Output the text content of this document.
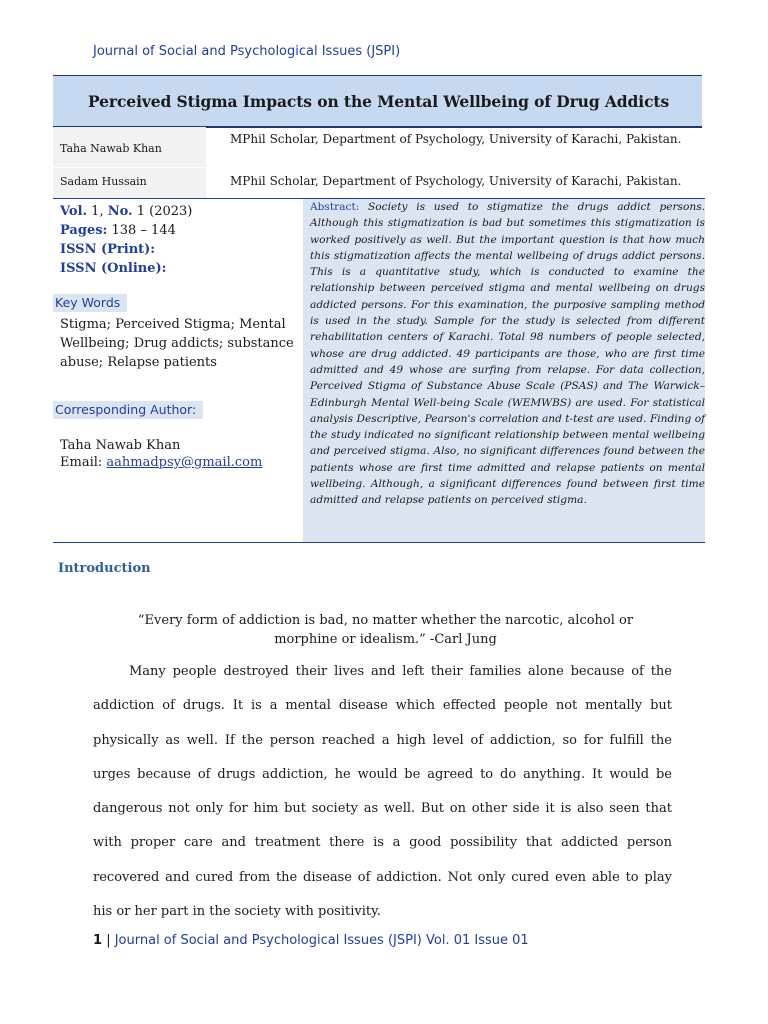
Journal of Social and Psychological Issues (JSPI)
Perceived Stigma Impacts on the Mental Wellbeing of Drug Addicts
Taha Nawab Khan
MPhil Scholar, Department of Psychology, University of Karachi, Pakistan.
Sadam Hussain	MPhil Scholar, Department of Psychology, University of Karachi, Pakistan.
Vol. 1, No. 1 (2023)
Pages: 138 – 144
ISSN (Print):
ISSN (Online):
Key Words
Stigma; Perceived Stigma; Mental Wellbeing; Drug addicts; substance abuse; Relapse patients
Corresponding Author:
Taha Nawab Khan
Email: aahmadpsy@gmail.com
Abstract: Society is used to stigmatize the drugs addict persons. Although this stigmatization is bad but sometimes this stigmatization is worked positively as well. But the important question is that how much this stigmatization affects the mental wellbeing of drugs addict persons. This is a quantitative study, which is conducted to examine the relationship between perceived stigma and mental wellbeing on drugs addicted persons. For this examination, the purposive sampling method is used in the study. Sample for the study is selected from different rehabilitation centers of Karachi. Total 98 numbers of people selected, whose are drug addicted. 49 participants are those, who are first time admitted and 49 whose are surfing from relapse. For data collection, Perceived Stigma of Substance Abuse Scale (PSAS) and The Warwick–Edinburgh Mental Well-being Scale (WEMWBS) are used. For statistical analysis Descriptive, Pearson's correlation and t-test are used. Finding of the study indicated no significant relationship between mental wellbeing and perceived stigma. Also, no significant differences found between the patients whose are first time admitted and relapse patients on mental wellbeing. Although, a significant differences found between first time admitted and relapse patients on perceived stigma.
Introduction
“Every form of addiction is bad, no matter whether the narcotic, alcohol or
morphine or idealism.” -Carl Jung
Many people destroyed their lives and left their families alone because of the addiction of drugs. It is a mental disease which effected people not mentally but physically as well. If the person reached a high level of addiction, so for fulfill the urges because of drugs addiction, he would be agreed to do anything. It would be dangerous not only for him but society as well. But on other side it is also seen that with proper care and treatment there is a good possibility that addicted person recovered and cured from the disease of addiction. Not only cured even able to play his or her part in the society with positivity.
1 | Journal of Social and Psychological Issues (JSPI) Vol. 01 Issue 01
